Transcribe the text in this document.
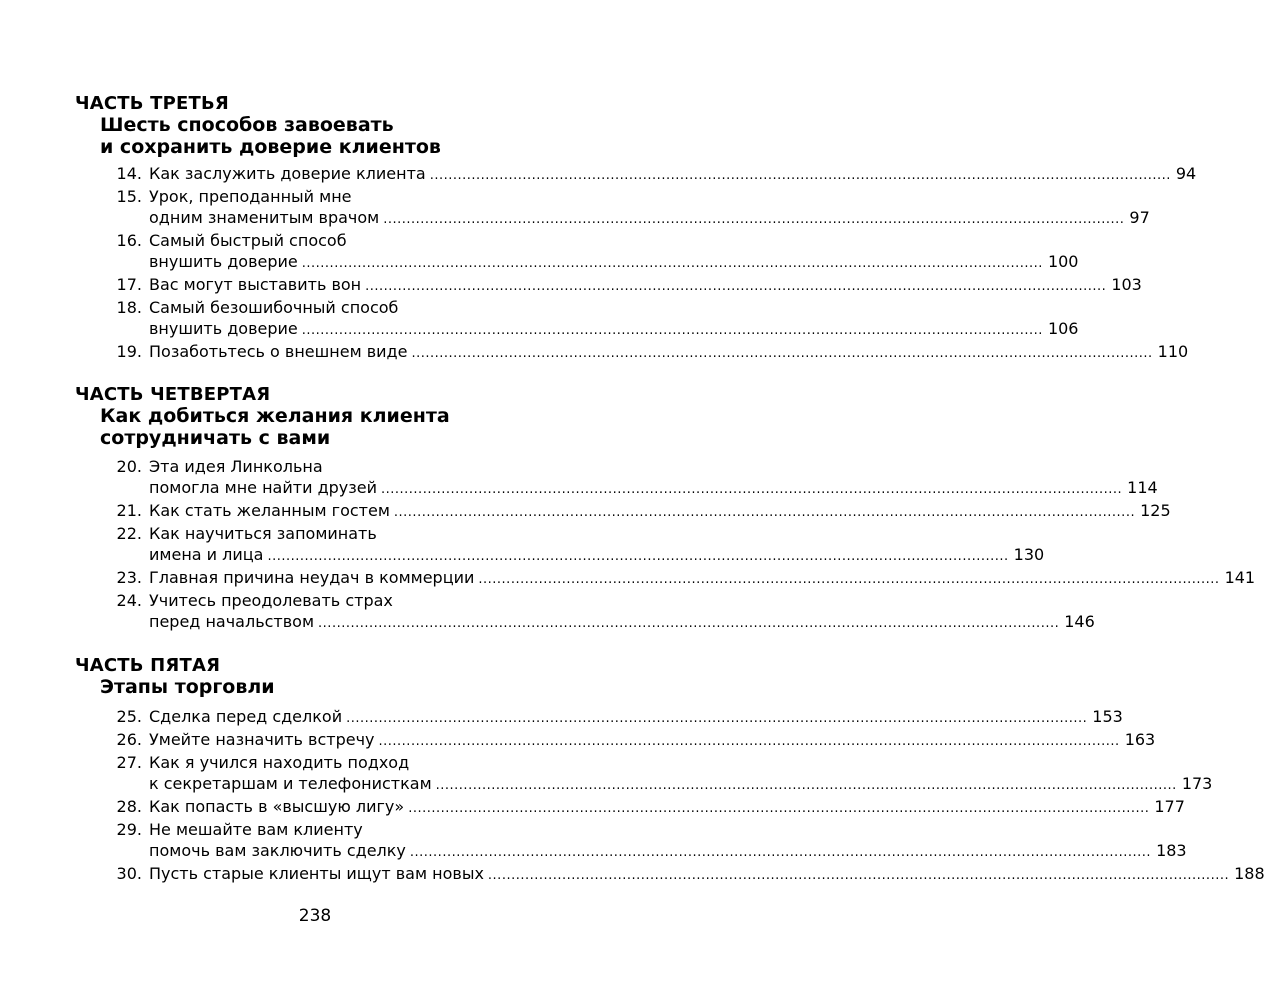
ЧАСТЬ ТРЕТЬЯ
Шесть способов завоевать
и сохранить доверие клиентов
14. Как заслужить доверие клиента ................................................................................................................................................................ 94
15. Урок, преподанный мне
одним знаменитым врачом ................................................................................................................................................................ 97
16. Самый быстрый способ
внушить доверие ................................................................................................................................................................ 100
17. Вас могут выставить вон ................................................................................................................................................................ 103
18. Самый безошибочный способ
внушить доверие ................................................................................................................................................................ 106
19. Позаботьтесь о внешнем виде ................................................................................................................................................................ 110
ЧАСТЬ ЧЕТВЕРТАЯ
Как добиться желания клиента
сотрудничать с вами
20. Эта идея Линкольна
помогла мне найти друзей ................................................................................................................................................................ 114
21. Как стать желанным гостем ................................................................................................................................................................ 125
22. Как научиться запоминать
имена и лица ................................................................................................................................................................ 130
23. Главная причина неудач в коммерции ................................................................................................................................................................ 141
24. Учитесь преодолевать страх
перед начальством ................................................................................................................................................................ 146
ЧАСТЬ ПЯТАЯ
Этапы торговли
25. Сделка перед сделкой ................................................................................................................................................................ 153
26. Умейте назначить встречу ................................................................................................................................................................ 163
27. Как я учился находить подход
к секретаршам и телефонисткам ................................................................................................................................................................ 173
28. Как попасть в «высшую лигу» ................................................................................................................................................................ 177
29. Не мешайте вам клиенту
помочь вам заключить сделку ................................................................................................................................................................ 183
30. Пусть старые клиенты ищут вам новых ................................................................................................................................................................ 188
238
